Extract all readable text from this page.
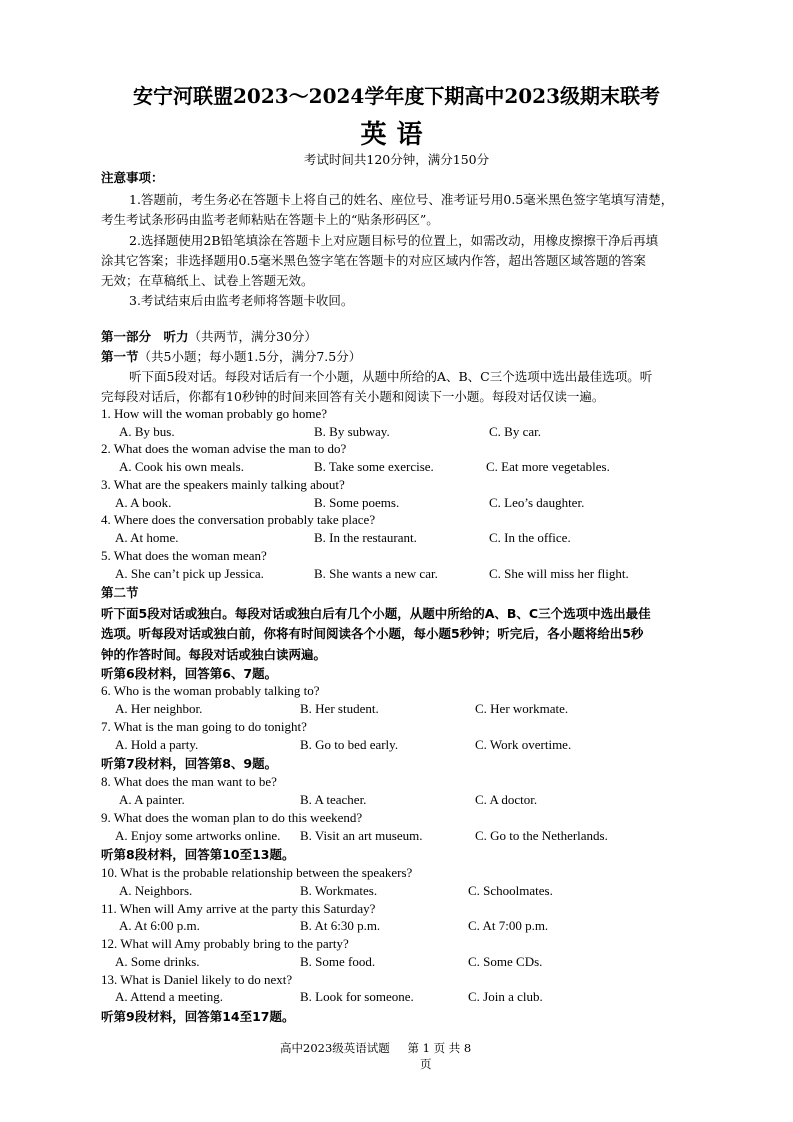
安宁河联盟2023～2024学年度下期高中2023级期末联考
英语
考试时间共120分钟，满分150分
注意事项：
1.答题前，考生务必在答题卡上将自己的姓名、座位号、准考证号用0.5毫米黑色签字笔填写清楚，
考生考试条形码由监考老师粘贴在答题卡上的“贴条形码区”。
2.选择题使用2B铅笔填涂在答题卡上对应题目标号的位置上，如需改动，用橡皮擦擦干净后再填
涂其它答案；非选择题用0.5毫米黑色签字笔在答题卡的对应区域内作答，超出答题区域答题的答案
无效；在草稿纸上、试卷上答题无效。
3.考试结束后由监考老师将答题卡收回。
第一部分　听力（共两节，满分30分）
第一节（共5小题；每小题1.5分，满分7.5分）
听下面5段对话。每段对话后有一个小题，从题中所给的A、B、C三个选项中选出最佳选项。听
完每段对话后，你都有10秒钟的时间来回答有关小题和阅读下一小题。每段对话仅读一遍。
1. How will the woman probably go home?
A. By bus.	B. By subway.	C. By car.
2. What does the woman advise the man to do?
A. Cook his own meals.	B. Take some exercise.	C. Eat more vegetables.
3. What are the speakers mainly talking about?
A. A book.	B. Some poems.	C. Leo’s daughter.
4. Where does the conversation probably take place?
A. At home.	B. In the restaurant.	C. In the office.
5. What does the woman mean?
A. She can’t pick up Jessica.	B. She wants a new car.	C. She will miss her flight.
第二节
听下面5段对话或独白。每段对话或独白后有几个小题，从题中所给的A、B、C三个选项中选出最佳
选项。听每段对话或独白前，你将有时间阅读各个小题，每小题5秒钟；听完后，各小题将给出5秒
钟的作答时间。每段对话或独白读两遍。
听第6段材料，回答第6、7题。
6. Who is the woman probably talking to?
A. Her neighbor.	B. Her student.	C. Her workmate.
7. What is the man going to do tonight?
A. Hold a party.	B. Go to bed early.	C. Work overtime.
听第7段材料，回答第8、9题。
8. What does the man want to be?
A. A painter.	B. A teacher.	C. A doctor.
9. What does the woman plan to do this weekend?
A. Enjoy some artworks online. B. Visit an art museum.	C. Go to the Netherlands.
听第8段材料，回答第10至13题。
10. What is the probable relationship between the speakers?
A. Neighbors.	B. Workmates.	C. Schoolmates.
11. When will Amy arrive at the party this Saturday?
A. At 6:00 p.m.	B. At 6:30 p.m.	C. At 7:00 p.m.
12. What will Amy probably bring to the party?
A. Some drinks.	B. Some food.	C. Some CDs.
13. What is Daniel likely to do next?
A. Attend a meeting.	B. Look for someone.	C. Join a club.
听第9段材料，回答第14至17题。
高中2023级英语试题 第 1 页 共 8
页
